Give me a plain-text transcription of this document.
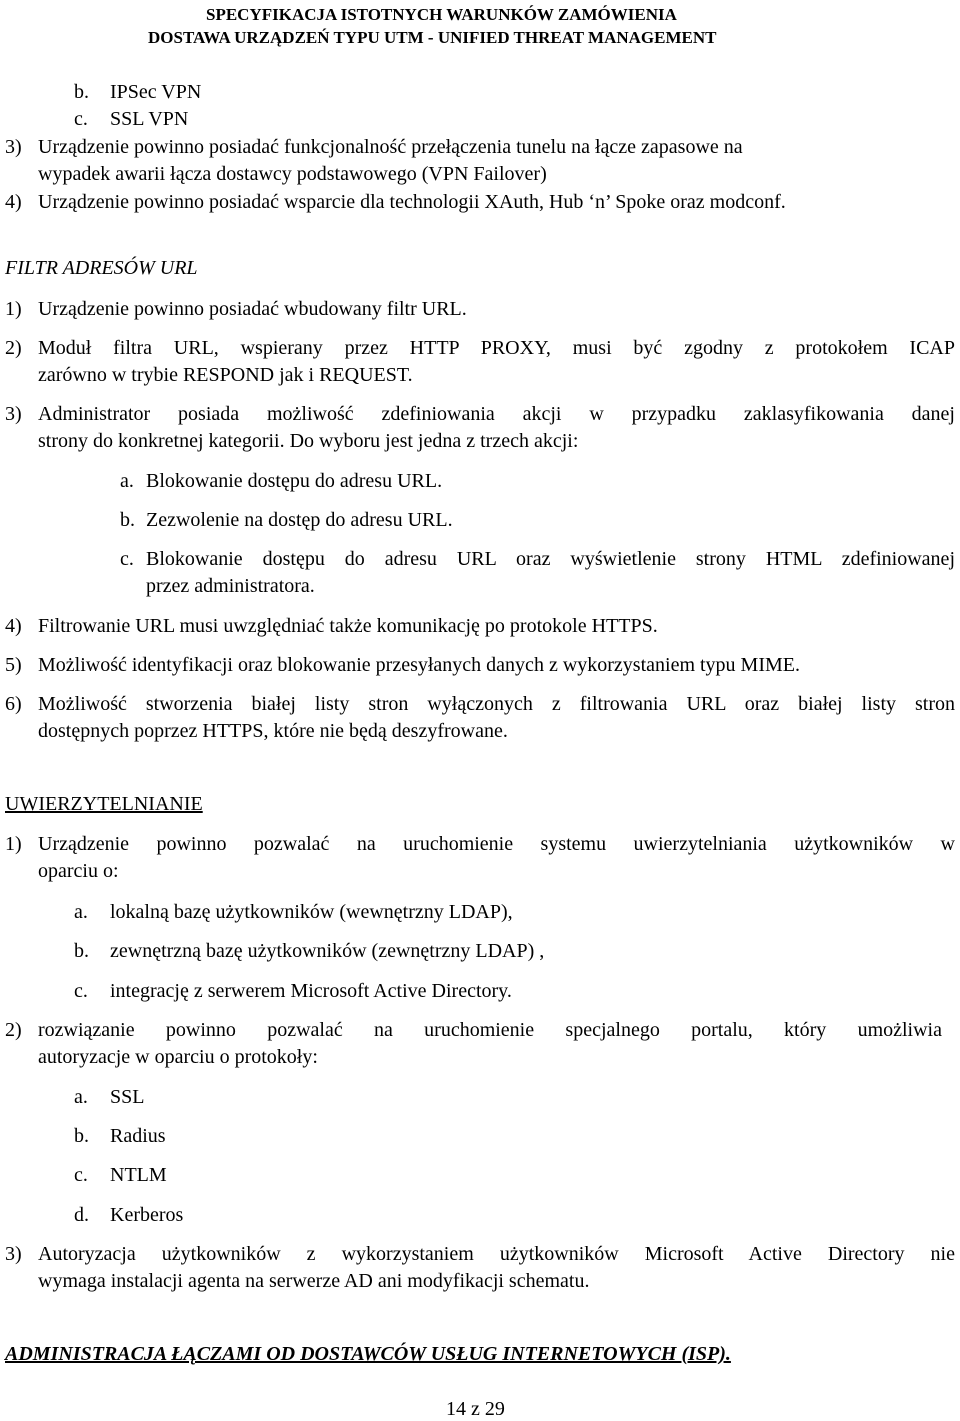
SPECYFIKACJA ISTOTNYCH WARUNKÓW ZAMÓWIENIA
DOSTAWA URZĄDZEŃ TYPU UTM - UNIFIED THREAT MANAGEMENT
b. IPSec VPN
c. SSL VPN
3) Urządzenie powinno posiadać funkcjonalność przełączenia tunelu na łącze zapasowe na
wypadek awarii łącza dostawcy podstawowego (VPN Failover)
4) Urządzenie powinno posiadać wsparcie dla technologii XAuth, Hub ‘n’ Spoke oraz modconf.
FILTR ADRESÓW URL
1) Urządzenie powinno posiadać wbudowany filtr URL.
2) Moduł filtra URL, wspierany przez HTTP PROXY, musi być zgodny z protokołem ICAP
zarówno w trybie RESPOND jak i REQUEST.
3) Administrator posiada możliwość zdefiniowania akcji w przypadku zaklasyfikowania danej
strony do konkretnej kategorii. Do wyboru jest jedna z trzech akcji:
a. Blokowanie dostępu do adresu URL.
b. Zezwolenie na dostęp do adresu URL.
c. Blokowanie dostępu do adresu URL oraz wyświetlenie strony HTML zdefiniowanej
przez administratora.
4) Filtrowanie URL musi uwzględniać także komunikację po protokole HTTPS.
5) Możliwość identyfikacji oraz blokowanie przesyłanych danych z wykorzystaniem typu MIME.
6) Możliwość stworzenia białej listy stron wyłączonych z filtrowania URL oraz białej listy stron
dostępnych poprzez HTTPS, które nie będą deszyfrowane.
UWIERZYTELNIANIE
1) Urządzenie powinno pozwalać na uruchomienie systemu uwierzytelniania użytkowników w
oparciu o:
a. lokalną bazę użytkowników (wewnętrzny LDAP),
b. zewnętrzną bazę użytkowników (zewnętrzny LDAP) ,
c. integrację z serwerem Microsoft Active Directory.
2) rozwiązanie powinno pozwalać na uruchomienie specjalnego portalu, który umożliwia
autoryzacje w oparciu o protokoły:
a. SSL
b. Radius
c. NTLM
d. Kerberos
3) Autoryzacja użytkowników z wykorzystaniem użytkowników Microsoft Active Directory nie
wymaga instalacji agenta na serwerze AD ani modyfikacji schematu.
ADMINISTRACJA ŁĄCZAMI OD DOSTAWCÓW USŁUG INTERNETOWYCH (ISP).
14 z 29
